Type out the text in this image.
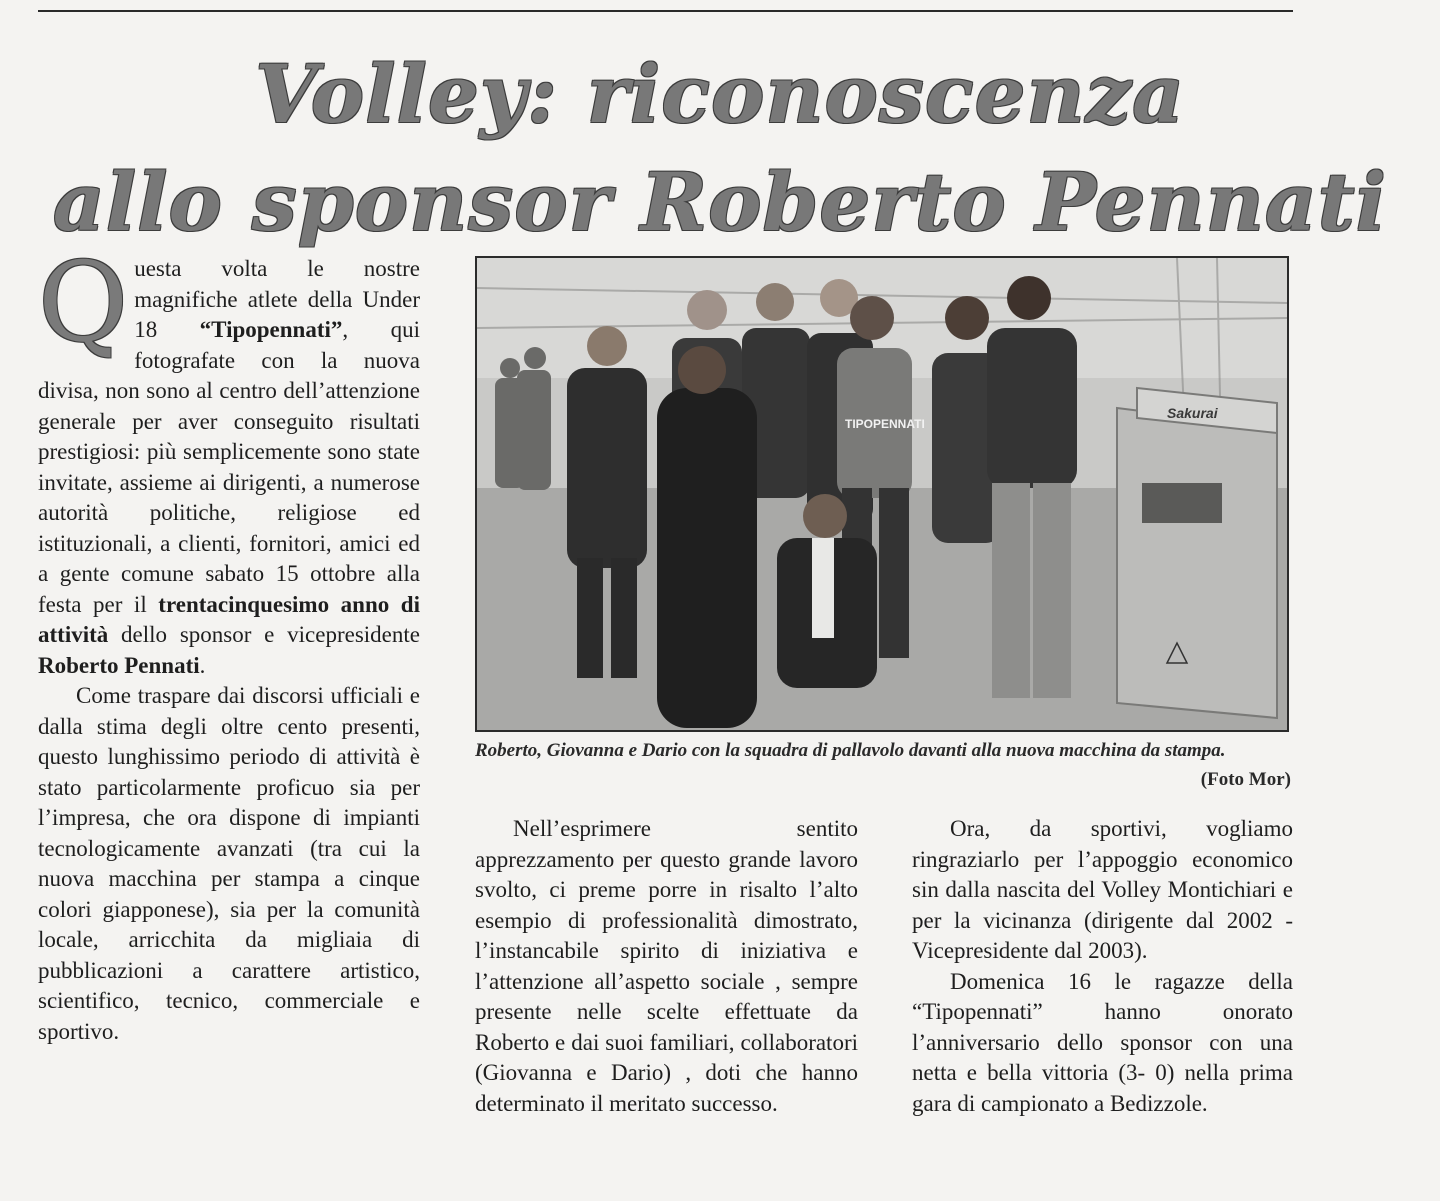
Volley: riconoscenza
allo sponsor Roberto Pennati

Questa volta le nostre magnifiche atlete della Under 18 “Tipopennati”, qui fotografate con la nuova divisa, non sono al centro dell’attenzione generale per aver conseguito risultati prestigiosi: più semplicemente sono state invitate, assieme ai dirigenti, a numerose autorità politiche, religiose ed istituzionali, a clienti, fornitori, amici ed a gente comune sabato 15 ottobre alla festa per il trentacinquesimo anno di attività dello sponsor e vicepresidente Roberto Pennati.

Come traspare dai discorsi ufficiali e dalla stima degli oltre cento presenti, questo lunghissimo periodo di attività è stato particolarmente proficuo sia per l’impresa, che ora dispone di impianti tecnologicamente avanzati (tra cui la nuova macchina per stampa a cinque colori giapponese), sia per la comunità locale, arricchita da migliaia di pubblicazioni a carattere artistico, scientifico, tecnico, commerciale e sportivo.

Sakurai
TIPOPENNATI
Roberto, Giovanna e Dario con la squadra di pallavolo davanti alla nuova macchina da stampa.
(Foto Mor)

Nell’esprimere sentito apprezzamento per questo grande lavoro svolto, ci preme porre in risalto l’alto esempio di professionalità dimostrato, l’instancabile spirito di iniziativa e l’attenzione all’aspetto sociale , sempre presente nelle scelte effettuate da Roberto e dai suoi familiari, collaboratori (Giovanna e Dario) , doti che hanno determinato il meritato successo.

Ora, da sportivi, vogliamo ringraziarlo per l’appoggio economico sin dalla nascita del Volley Montichiari e per la vicinanza (dirigente dal 2002 - Vicepresidente dal 2003).

Domenica 16 le ragazze della “Tipopennati” hanno onorato l’anniversario dello sponsor con una netta e bella vittoria (3- 0) nella prima gara di campionato a Bedizzole.
